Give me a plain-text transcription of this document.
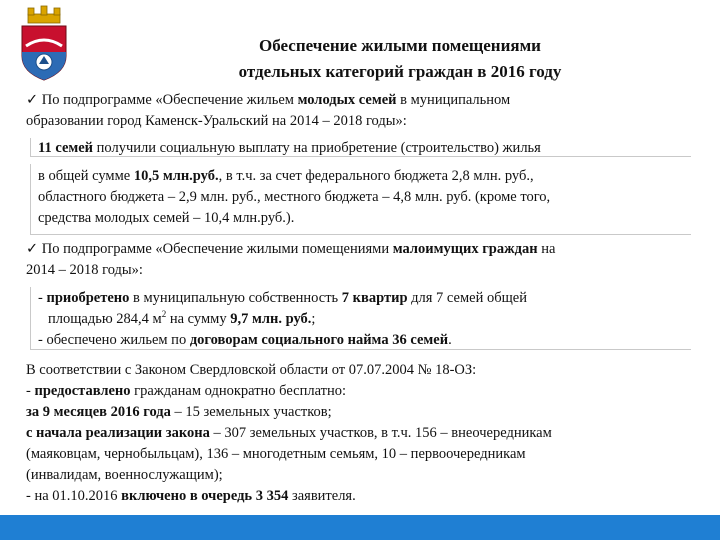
Обеспечение жилыми помещениями
отдельных категорий граждан в 2016 году
✓ По подпрограмме «Обеспечение жильем молодых семей в муниципальном
образовании город Каменск-Уральский на 2014 – 2018 годы»:
11 семей получили социальную выплату на приобретение (строительство) жилья
в общей сумме 10,5 млн.руб., в т.ч. за счет федерального бюджета 2,8 млн. руб.,
областного бюджета – 2,9 млн. руб., местного бюджета – 4,8 млн. руб. (кроме того,
средства молодых семей – 10,4 млн.руб.).
✓ По подпрограмме «Обеспечение жилыми помещениями малоимущих граждан на
2014 – 2018 годы»:
- приобретено в муниципальную собственность 7 квартир для 7 семей общей
площадью 284,4 $м^2$ на сумму 9,7 млн. руб.;
- обеспечено жильем по договорам социального найма 36 семей.
В соответствии с Законом Свердловской области от 07.07.2004 № 18-ОЗ:
- предоставлено гражданам однократно бесплатно:
за 9 месяцев 2016 года – 15 земельных участков;
с начала реализации закона – 307 земельных участков, в т.ч. 156 – внеочередникам
(маяковцам, чернобыльцам), 136 – многодетным семьям, 10 – первоочередникам
(инвалидам, военнослужащим);
- на 01.10.2016 включено в очередь 3 354 заявителя.
